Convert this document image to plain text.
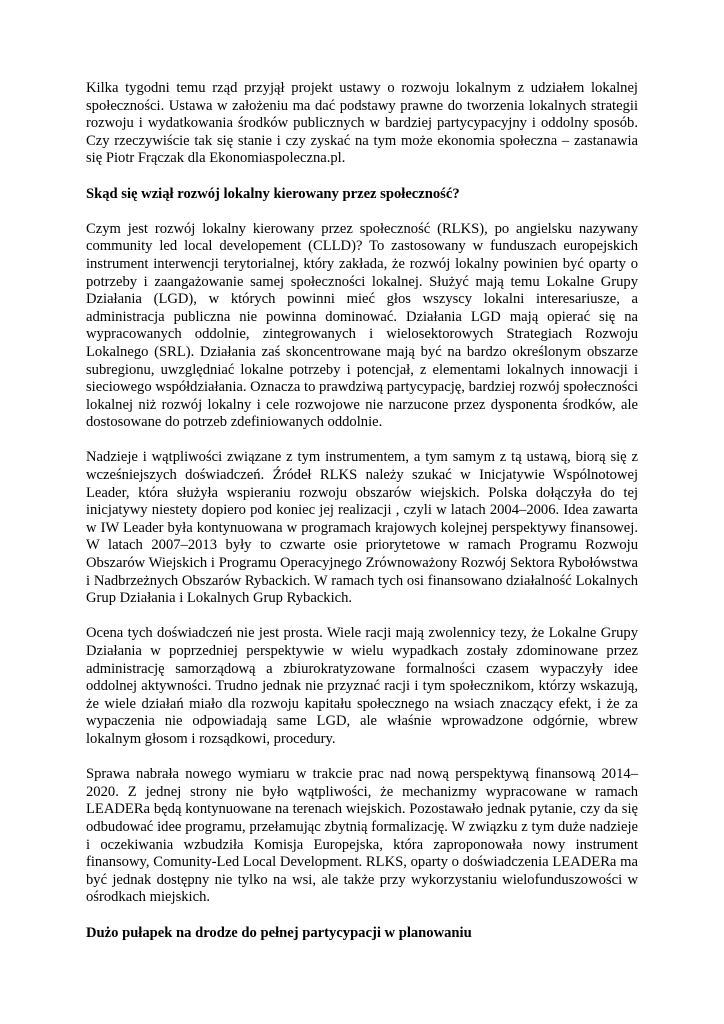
Kilka tygodni temu rząd przyjął projekt ustawy o rozwoju lokalnym z udziałem lokalnej społeczności. Ustawa w założeniu ma dać podstawy prawne do tworzenia lokalnych strategii rozwoju i wydatkowania środków publicznych w bardziej partycypacyjny i oddolny sposób. Czy rzeczywiście tak się stanie i czy zyskać na tym może ekonomia społeczna – zastanawia się Piotr Frączak dla Ekonomiaspoleczna.pl.

Skąd się wziął rozwój lokalny kierowany przez społeczność?

Czym jest rozwój lokalny kierowany przez społeczność (RLKS), po angielsku nazywany community led local developement (CLLD)? To zastosowany w funduszach europejskich instrument interwencji terytorialnej, który zakłada, że rozwój lokalny powinien być oparty o potrzeby i zaangażowanie samej społeczności lokalnej. Służyć mają temu Lokalne Grupy Działania (LGD), w których powinni mieć głos wszyscy lokalni interesariusze, a administracja publiczna nie powinna dominować. Działania LGD mają opierać się na wypracowanych oddolnie, zintegrowanych i wielosektorowych Strategiach Rozwoju Lokalnego (SRL). Działania zaś skoncentrowane mają być na bardzo określonym obszarze subregionu, uwzględniać lokalne potrzeby i potencjał, z elementami lokalnych innowacji i sieciowego współdziałania. Oznacza to prawdziwą partycypację, bardziej rozwój społeczności lokalnej niż rozwój lokalny i cele rozwojowe nie narzucone przez dysponenta środków, ale dostosowane do potrzeb zdefiniowanych oddolnie.

Nadzieje i wątpliwości związane z tym instrumentem, a tym samym z tą ustawą, biorą się z wcześniejszych doświadczeń. Źródeł RLKS należy szukać w Inicjatywie Wspólnotowej Leader, która służyła wspieraniu rozwoju obszarów wiejskich. Polska dołączyła do tej inicjatywy niestety dopiero pod koniec jej realizacji , czyli w latach 2004–2006. Idea zawarta w IW Leader była kontynuowana w programach krajowych kolejnej perspektywy finansowej. W latach 2007–2013 były to czwarte osie priorytetowe w ramach Programu Rozwoju Obszarów Wiejskich i Programu Operacyjnego Zrównoważony Rozwój Sektora Rybołówstwa i Nadbrzeżnych Obszarów Rybackich. W ramach tych osi finansowano działalność Lokalnych Grup Działania i Lokalnych Grup Rybackich.

Ocena tych doświadczeń nie jest prosta. Wiele racji mają zwolennicy tezy, że Lokalne Grupy Działania w poprzedniej perspektywie w wielu wypadkach zostały zdominowane przez administrację samorządową a zbiurokratyzowane formalności czasem wypaczyły idee oddolnej aktywności. Trudno jednak nie przyznać racji i tym społecznikom, którzy wskazują, że wiele działań miało dla rozwoju kapitału społecznego na wsiach znaczący efekt, i że za wypaczenia nie odpowiadają same LGD, ale właśnie wprowadzone odgórnie, wbrew lokalnym głosom i rozsądkowi, procedury.

Sprawa nabrała nowego wymiaru w trakcie prac nad nową perspektywą finansową 2014–2020. Z jednej strony nie było wątpliwości, że mechanizmy wypracowane w ramach LEADERa będą kontynuowane na terenach wiejskich. Pozostawało jednak pytanie, czy da się odbudować idee programu, przełamując zbytnią formalizację. W związku z tym duże nadzieje i oczekiwania wzbudziła Komisja Europejska, która zaproponowała nowy instrument finansowy, Comunity-Led Local Development. RLKS, oparty o doświadczenia LEADERa ma być jednak dostępny nie tylko na wsi, ale także przy wykorzystaniu wielofunduszowości w ośrodkach miejskich.

Dużo pułapek na drodze do pełnej partycypacji w planowaniu
